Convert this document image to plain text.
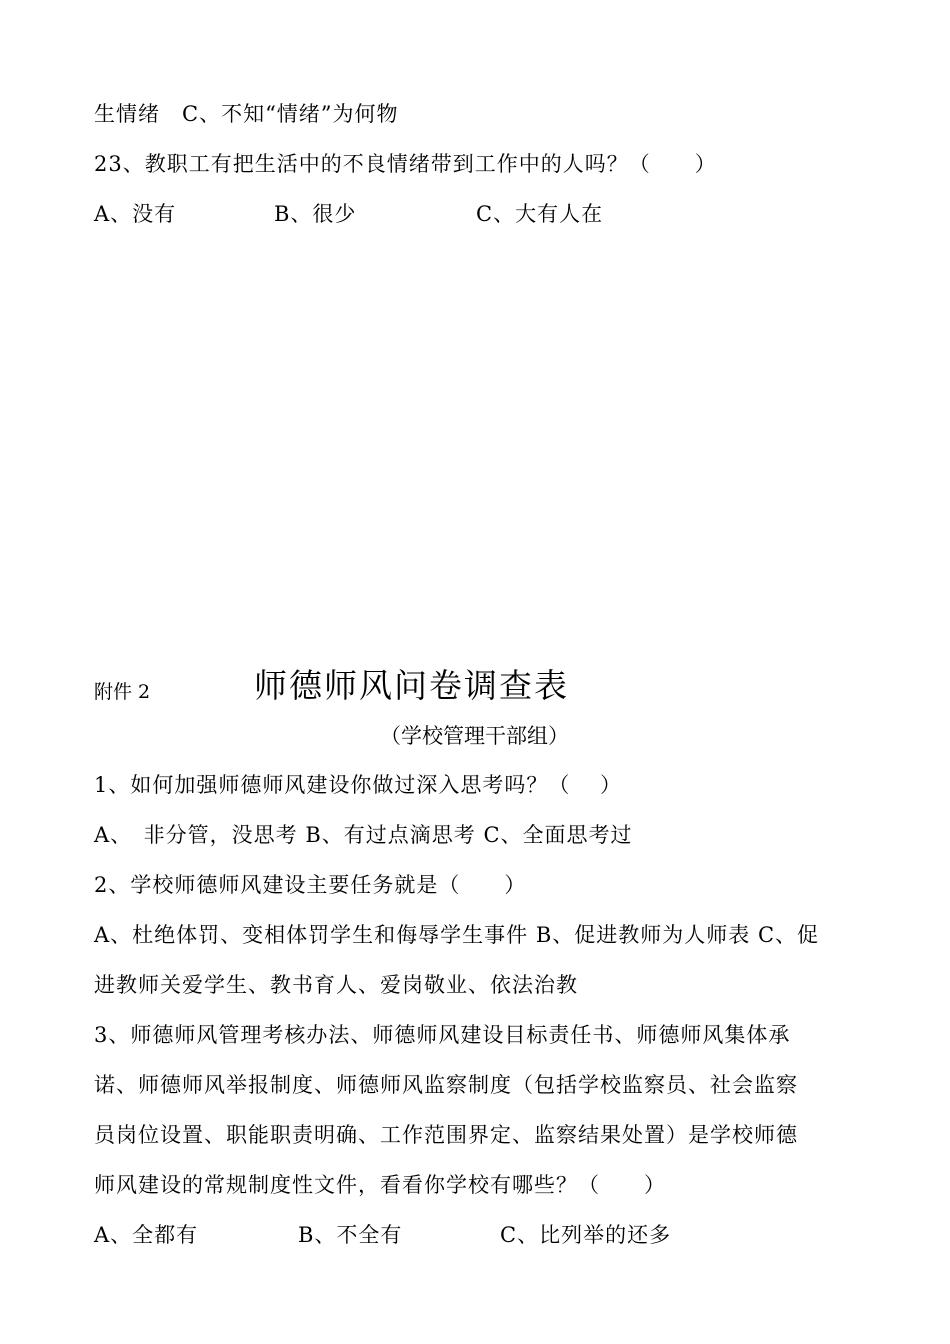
生情绪　C、不知“情绪”为何物
23、教职工有把生活中的不良情绪带到工作中的人吗？（　　）
A、没有	B、很少	C、大有人在
附件 2	师德师风问卷调查表
（学校管理干部组）
1、如何加强师德师风建设你做过深入思考吗？（　 ）
A、　非分管，没思考 B、有过点滴思考 C、全面思考过
2、学校师德师风建设主要任务就是（　　）
A、杜绝体罚、变相体罚学生和侮辱学生事件 B、促进教师为人师表 C、促
进教师关爱学生、教书育人、爱岗敬业、依法治教
3、师德师风管理考核办法、师德师风建设目标责任书、师德师风集体承
诺、师德师风举报制度、师德师风监察制度（包括学校监察员、社会监察
员岗位设置、职能职责明确、工作范围界定、监察结果处置）是学校师德
师风建设的常规制度性文件，看看你学校有哪些？（　　）
A、全都有	B、不全有	C、比列举的还多
